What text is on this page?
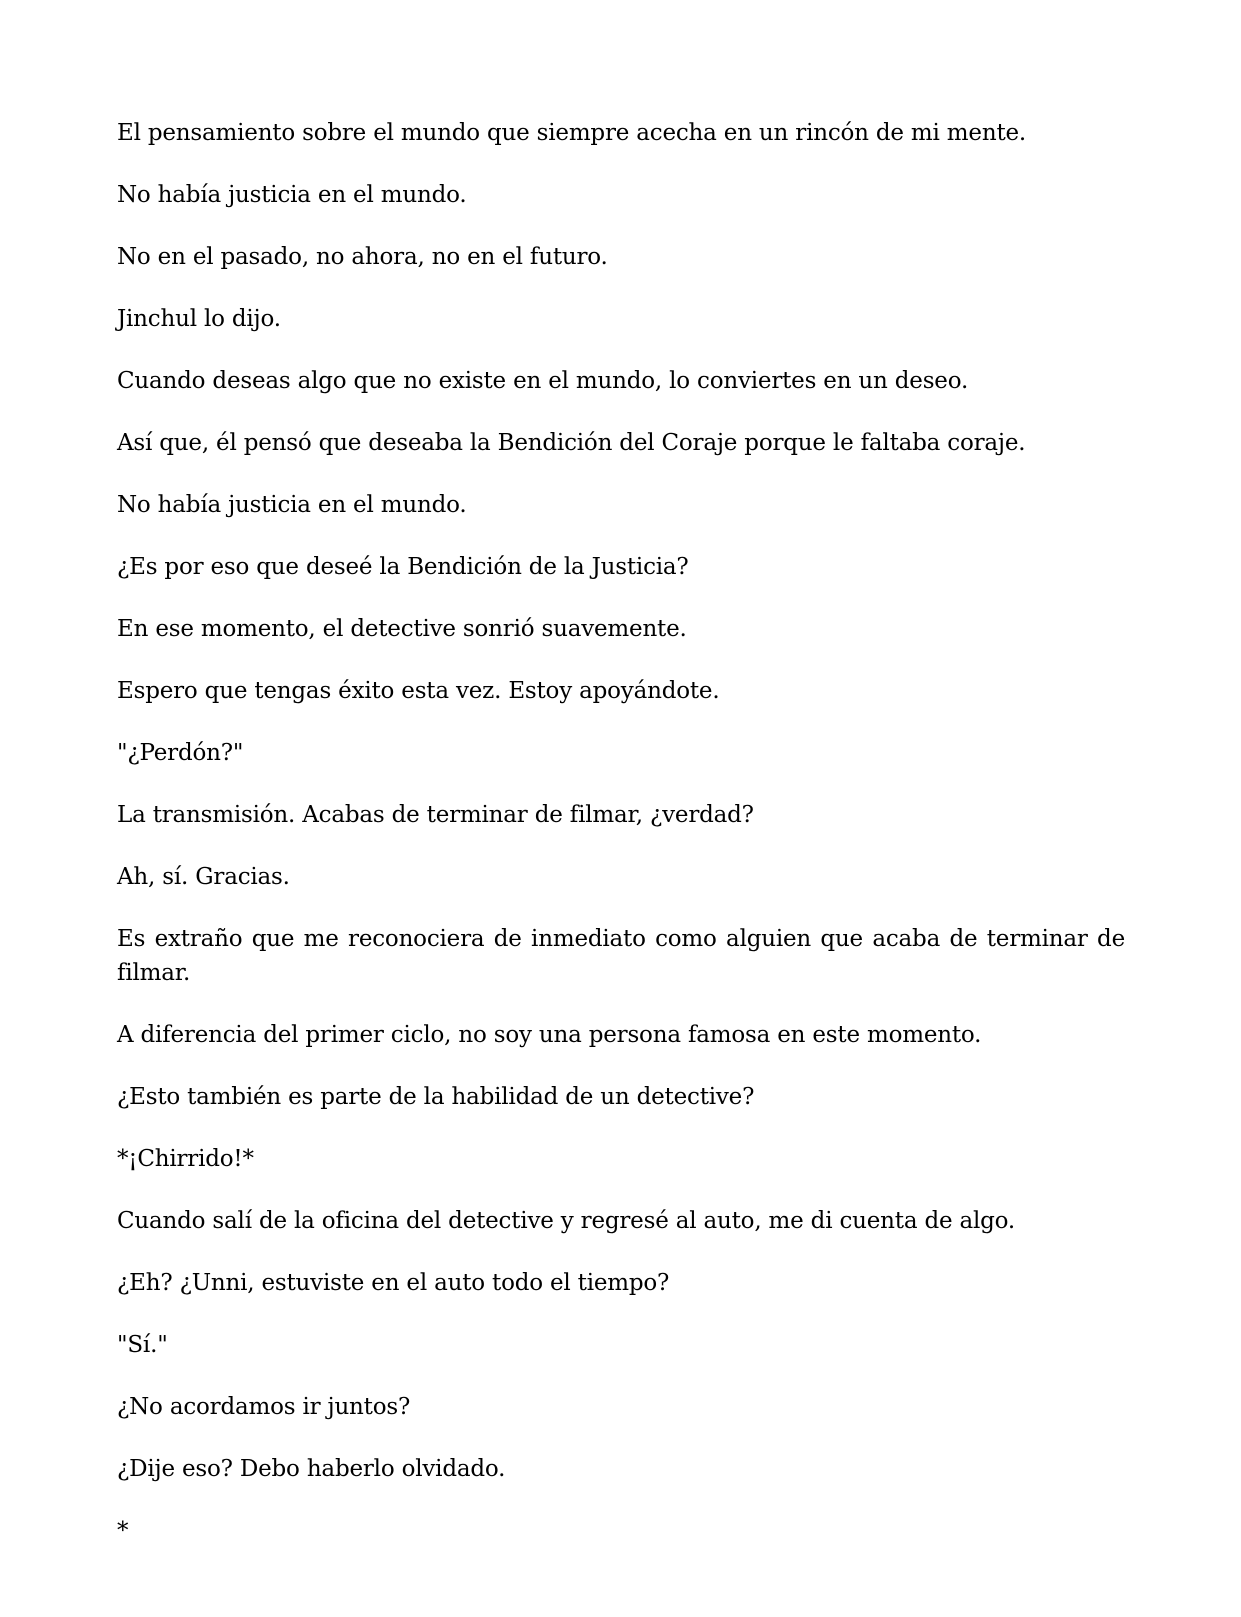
El pensamiento sobre el mundo que siempre acecha en un rincón de mi mente.

No había justicia en el mundo.

No en el pasado, no ahora, no en el futuro.

Jinchul lo dijo.

Cuando deseas algo que no existe en el mundo, lo conviertes en un deseo.

Así que, él pensó que deseaba la Bendición del Coraje porque le faltaba coraje.

No había justicia en el mundo.

¿Es por eso que deseé la Bendición de la Justicia?

En ese momento, el detective sonrió suavemente.

Espero que tengas éxito esta vez. Estoy apoyándote.

"¿Perdón?"

La transmisión. Acabas de terminar de filmar, ¿verdad?

Ah, sí. Gracias.

Es extraño que me reconociera de inmediato como alguien que acaba de terminar de filmar.

A diferencia del primer ciclo, no soy una persona famosa en este momento.

¿Esto también es parte de la habilidad de un detective?

*¡Chirrido!*

Cuando salí de la oficina del detective y regresé al auto, me di cuenta de algo.

¿Eh? ¿Unni, estuviste en el auto todo el tiempo?

"Sí."

¿No acordamos ir juntos?

¿Dije eso? Debo haberlo olvidado.

*
